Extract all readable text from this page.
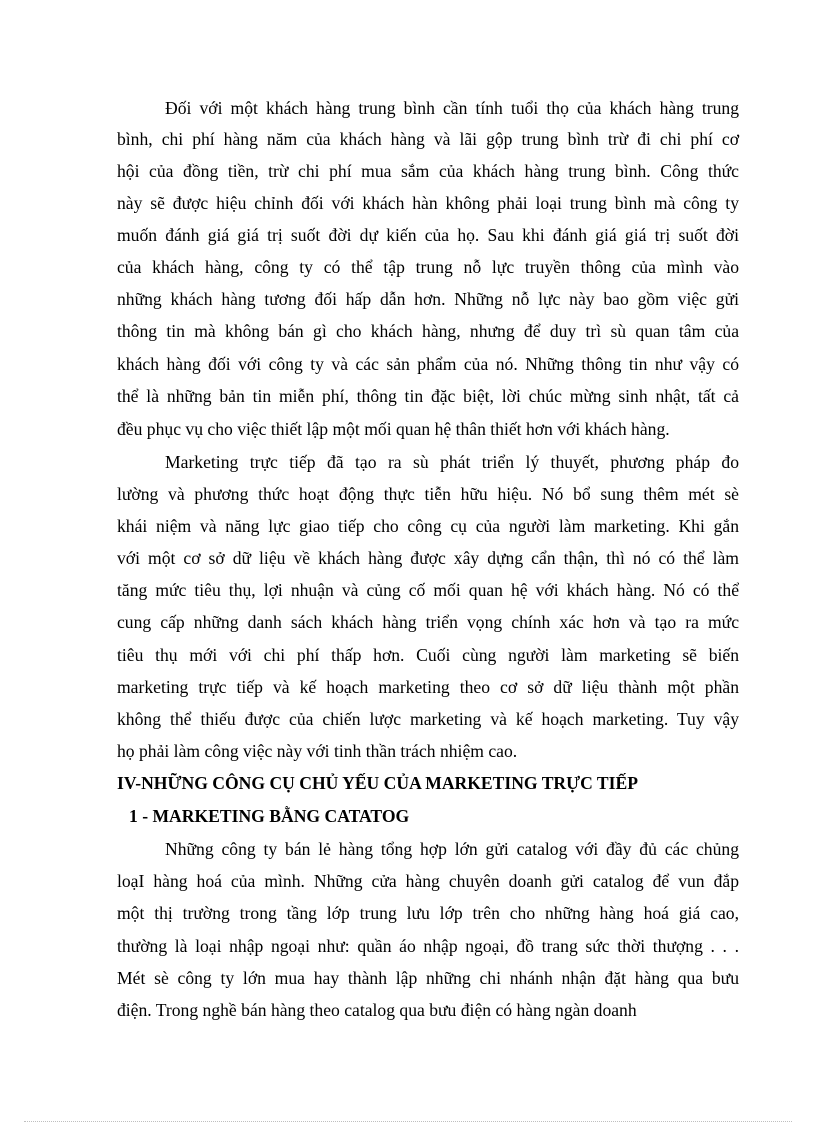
Đối với một khách hàng trung bình cần tính tuổi thọ của khách hàng trung
bình, chi phí hàng năm của khách hàng và lãi gộp trung bình trừ đi chi phí cơ
hội của đồng tiền, trừ chi phí mua sắm của khách hàng trung bình. Công thức
này sẽ được hiệu chỉnh đối với khách hàn không phải loại trung bình mà công ty
muốn đánh giá giá trị suốt đời dự kiến của họ. Sau khi đánh giá giá trị suốt đời
của khách hàng, công ty có thể tập trung nỗ lực truyền thông của mình vào
những khách hàng tương đối hấp dẫn hơn. Những nỗ lực này bao gồm việc gửi
thông tin mà không bán gì cho khách hàng, nhưng để duy trì sù quan tâm của
khách hàng đối với công ty và các sản phẩm của nó. Những thông tin như vậy có
thể là những bản tin miễn phí, thông tin đặc biệt, lời chúc mừng sinh nhật, tất cả
đều phục vụ cho việc thiết lập một mối quan hệ thân thiết hơn với khách hàng.
Marketing trực tiếp đã tạo ra sù phát triển lý thuyết, phương pháp đo
lường và phương thức hoạt động thực tiễn hữu hiệu. Nó bổ sung thêm mét sè
khái niệm và năng lực giao tiếp cho công cụ của người làm marketing. Khi gắn
với một cơ sở dữ liệu về khách hàng được xây dựng cẩn thận, thì nó có thể làm
tăng mức tiêu thụ, lợi nhuận và củng cố mối quan hệ với khách hàng. Nó có thể
cung cấp những danh sách khách hàng triển vọng chính xác hơn và tạo ra mức
tiêu thụ mới với chi phí thấp hơn. Cuối cùng người làm marketing sẽ biến
marketing trực tiếp và kế hoạch marketing theo cơ sở dữ liệu thành một phần
không thể thiếu được của chiến lược marketing và kế hoạch marketing. Tuy vậy
họ phải làm công việc này với tinh thần trách nhiệm cao.
IV-NHỮNG CÔNG CỤ CHỦ YẾU CỦA MARKETING TRỰC TIẾP
1 - MARKETING BẰNG CATATOG
Những công ty bán lẻ hàng tổng hợp lớn gửi catalog với đầy đủ các chủng
loạI hàng hoá của mình. Những cửa hàng chuyên doanh gửi catalog để vun đắp
một thị trường trong tầng lớp trung lưu lớp trên cho những hàng hoá giá cao,
thường là loại nhập ngoại như: quần áo nhập ngoại, đồ trang sức thời thượng . . .
Mét sè công ty lớn mua hay thành lập những chi nhánh nhận đặt hàng qua bưu
điện. Trong nghề bán hàng theo catalog qua bưu điện có hàng ngàn doanh
